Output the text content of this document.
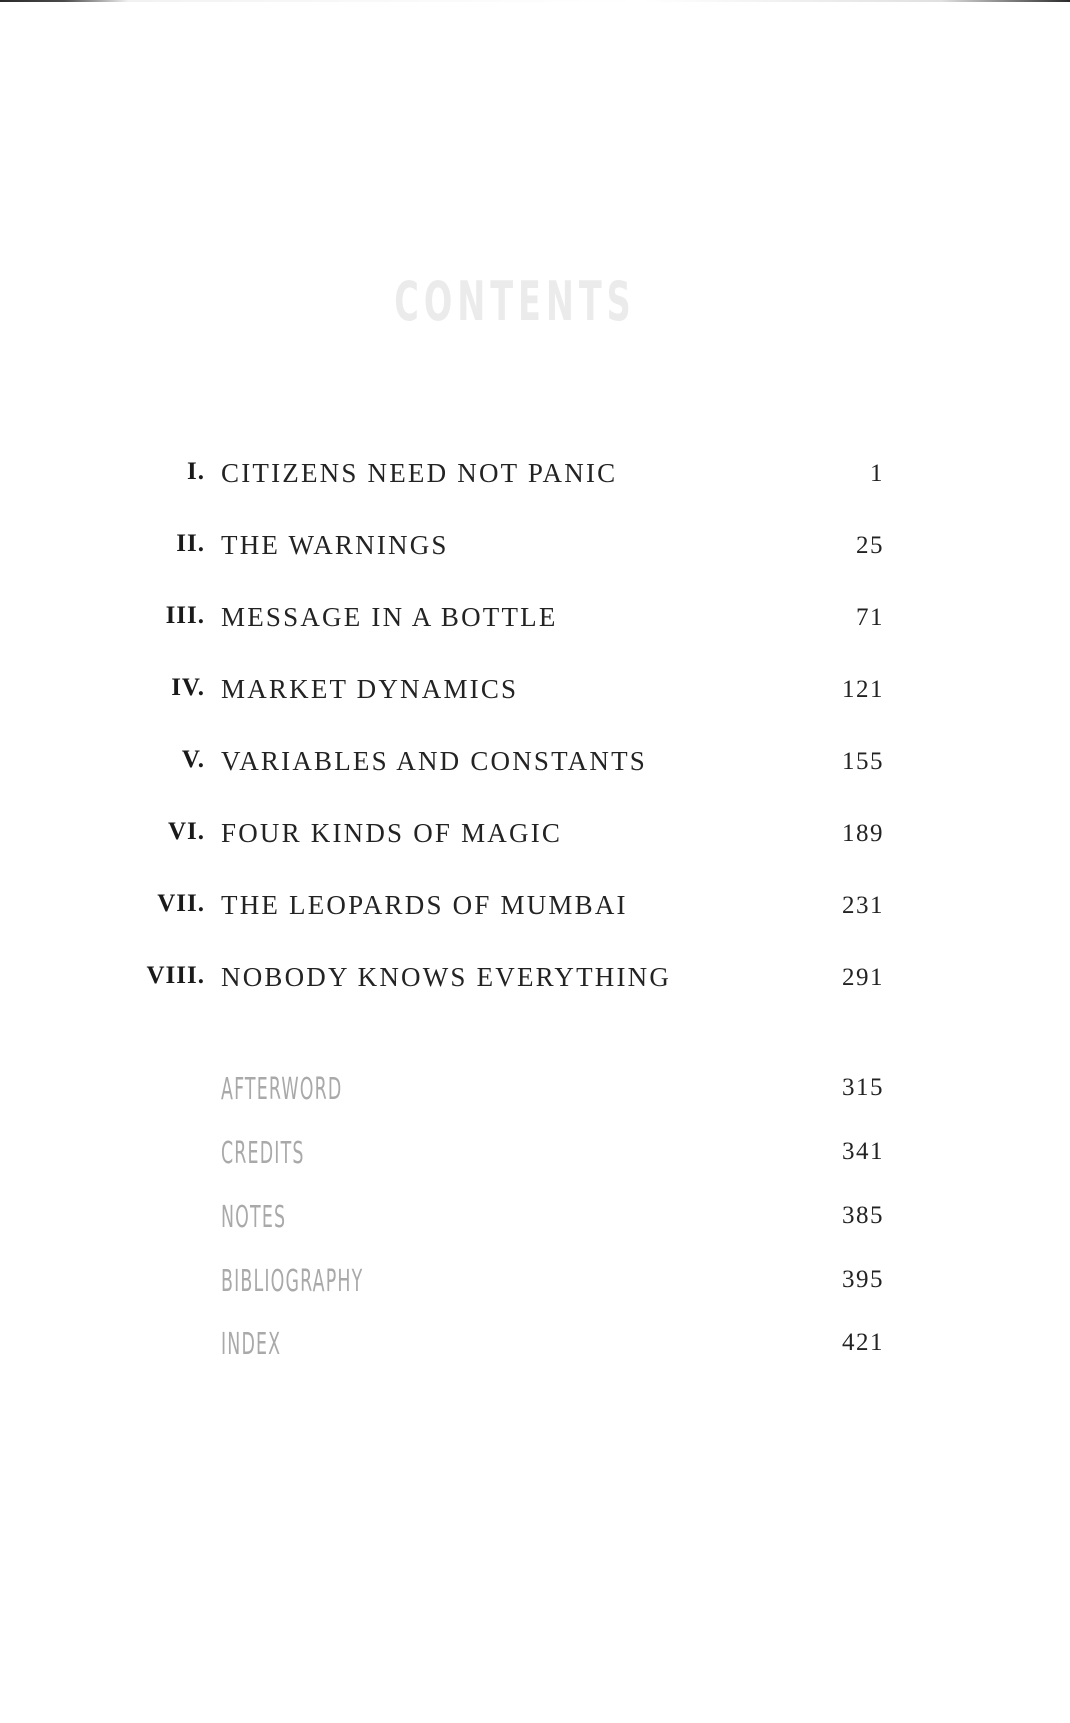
CONTENTS
I. CITIZENS NEED NOT PANIC	1
II. THE WARNINGS	25
III. MESSAGE IN A BOTTLE	71
IV. MARKET DYNAMICS	121
V. VARIABLES AND CONSTANTS	155
VI. FOUR KINDS OF MAGIC	189
VII. THE LEOPARDS OF MUMBAI	231
VIII. NOBODY KNOWS EVERYTHING	291
AFTERWORD	315
CREDITS	341
NOTES	385
BIBLIOGRAPHY	395
INDEX	421
